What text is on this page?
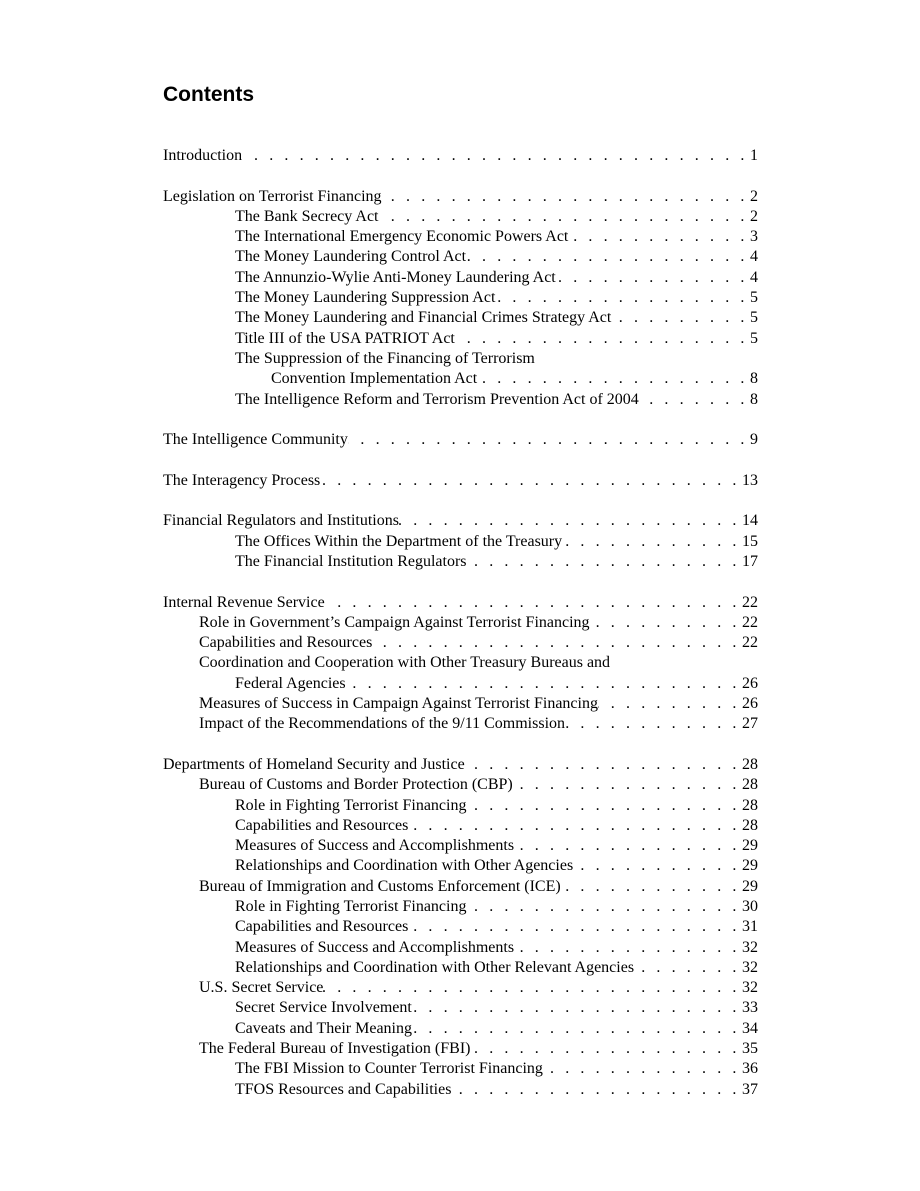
Contents
Introduction . . .	1
Legislation on Terrorist Financing . . .	2
The Bank Secrecy Act . . .	2
The International Emergency Economic Powers Act . . .	3
The Money Laundering Control Act . . .	4
The Annunzio-Wylie Anti-Money Laundering Act . . .	4
The Money Laundering Suppression Act . . .	5
The Money Laundering and Financial Crimes Strategy Act . . .	5
Title III of the USA PATRIOT Act . . .	5
The Suppression of the Financing of Terrorism
Convention Implementation Act . . .	8
The Intelligence Reform and Terrorism Prevention Act of 2004 . . .	8
The Intelligence Community . . .	9
The Interagency Process . . .	13
Financial Regulators and Institutions . . .	14
The Offices Within the Department of the Treasury . . .	15
The Financial Institution Regulators . . .	17
Internal Revenue Service . . .	22
Role in Government’s Campaign Against Terrorist Financing . . .	22
Capabilities and Resources . . .	22
Coordination and Cooperation with Other Treasury Bureaus and
Federal Agencies . . .	26
Measures of Success in Campaign Against Terrorist Financing . . .	26
Impact of the Recommendations of the 9/11 Commission . . .	27
Departments of Homeland Security and Justice . . .	28
Bureau of Customs and Border Protection (CBP) . . .	28
Role in Fighting Terrorist Financing . . .	28
Capabilities and Resources . . .	28
Measures of Success and Accomplishments . . .	29
Relationships and Coordination with Other Agencies . . .	29
Bureau of Immigration and Customs Enforcement (ICE) . . .	29
Role in Fighting Terrorist Financing . . .	30
Capabilities and Resources . . .	31
Measures of Success and Accomplishments . . .	32
Relationships and Coordination with Other Relevant Agencies . . .	32
U.S. Secret Service . . .	32
Secret Service Involvement . . .	33
Caveats and Their Meaning . . .	34
The Federal Bureau of Investigation (FBI) . . .	35
The FBI Mission to Counter Terrorist Financing . . .	36
TFOS Resources and Capabilities . . .	37
